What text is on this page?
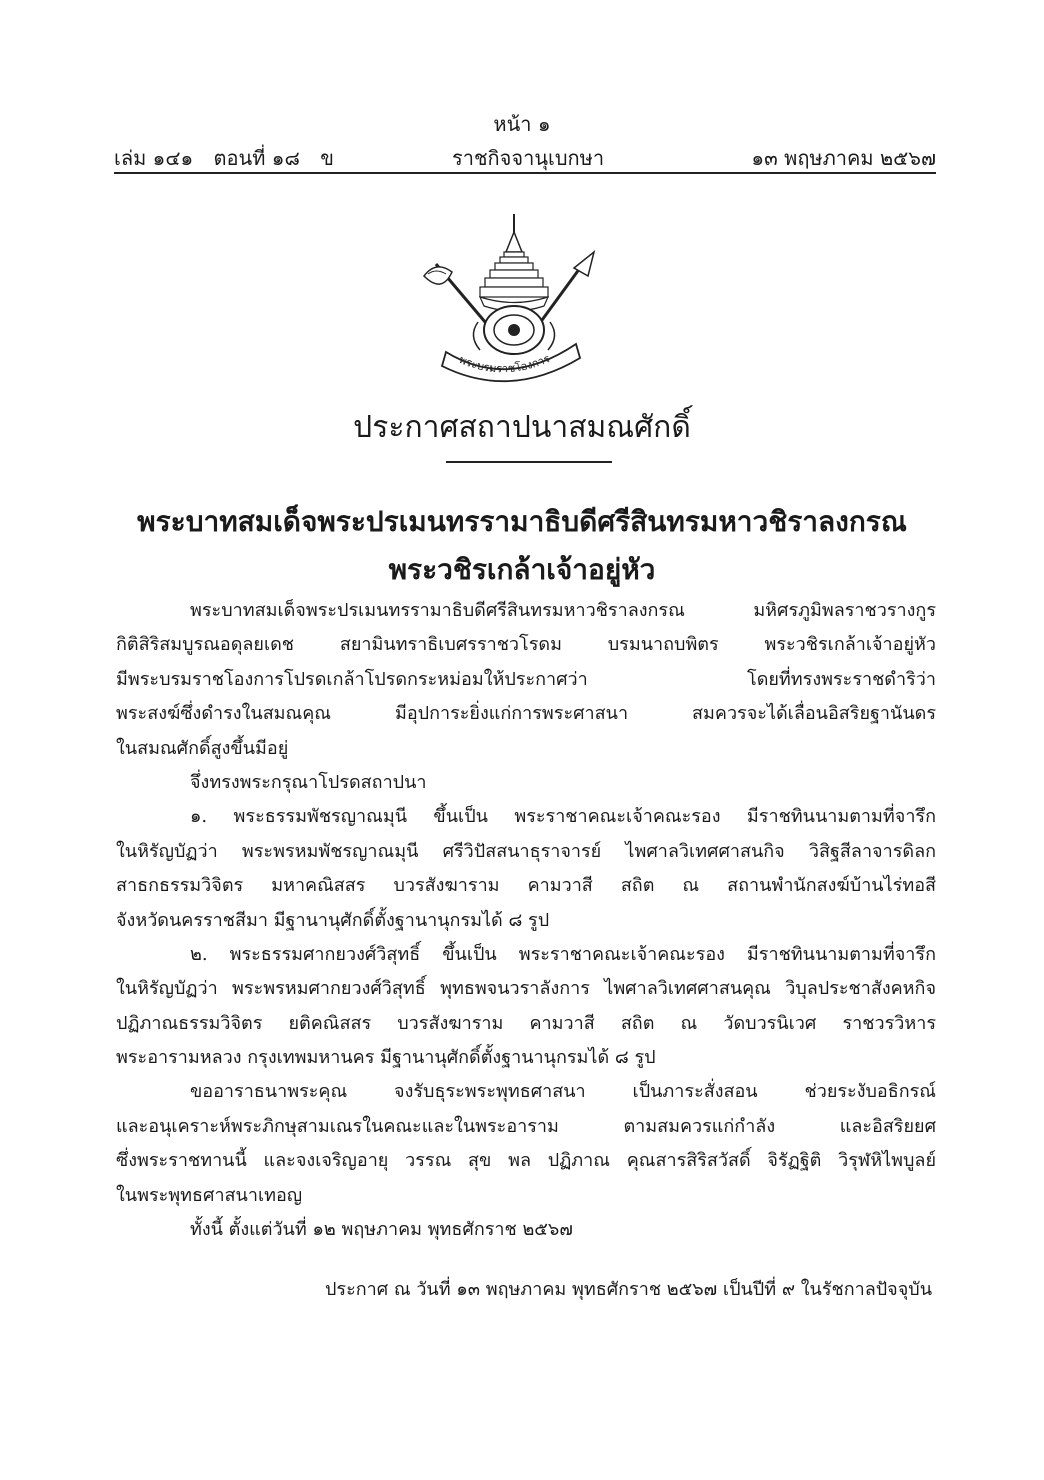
หน้า ๑
เล่ม ๑๔๑ ตอนที่ ๑๘ ข	ราชกิจจานุเบกษา	๑๓ พฤษภาคม ๒๕๖๗
พระบรมราชโองการ
ประกาศสถาปนาสมณศักดิ์
พระบาทสมเด็จพระปรเมนทรรามาธิบดีศรีสินทรมหาวชิราลงกรณ
พระวชิรเกล้าเจ้าอยู่หัว
พระบาทสมเด็จพระปรเมนทรรามาธิบดีศรีสินทรมหาวชิราลงกรณ มหิศรภูมิพลราชวรางกูร
กิติสิริสมบูรณอดุลยเดช สยามินทราธิเบศรราชวโรดม บรมนาถบพิตร พระวชิรเกล้าเจ้าอยู่หัว
มีพระบรมราชโองการโปรดเกล้าโปรดกระหม่อมให้ประกาศว่า โดยที่ทรงพระราชดำริว่า
พระสงฆ์ซึ่งดำรงในสมณคุณ มีอุปการะยิ่งแก่การพระศาสนา สมควรจะได้เลื่อนอิสริยฐานันดร
ในสมณศักดิ์สูงขึ้นมีอยู่
จึ่งทรงพระกรุณาโปรดสถาปนา
๑. พระธรรมพัชรญาณมุนี ขึ้นเป็น พระราชาคณะเจ้าคณะรอง มีราชทินนามตามที่จารึก
ในหิรัญบัฏว่า พระพรหมพัชรญาณมุนี ศรีวิปัสสนาธุราจารย์ ไพศาลวิเทศศาสนกิจ วิสิฐสีลาจารดิลก
สาธกธรรมวิจิตร มหาคณิสสร บวรสังฆาราม คามวาสี สถิต ณ สถานพำนักสงฆ์บ้านไร่ทอสี
จังหวัดนครราชสีมา มีฐานานุศักดิ์ตั้งฐานานุกรมได้ ๘ รูป
๒. พระธรรมศากยวงศ์วิสุทธิ์ ขึ้นเป็น พระราชาคณะเจ้าคณะรอง มีราชทินนามตามที่จารึก
ในหิรัญบัฏว่า พระพรหมศากยวงศ์วิสุทธิ์ พุทธพจนวราลังการ ไพศาลวิเทศศาสนคุณ วิบุลประชาสังคหกิจ
ปฏิภาณธรรมวิจิตร ยติคณิสสร บวรสังฆาราม คามวาสี สถิต ณ วัดบวรนิเวศ ราชวรวิหาร
พระอารามหลวง กรุงเทพมหานคร มีฐานานุศักดิ์ตั้งฐานานุกรมได้ ๘ รูป
ขออาราธนาพระคุณ จงรับธุระพระพุทธศาสนา เป็นภาระสั่งสอน ช่วยระงับอธิกรณ์
และอนุเคราะห์พระภิกษุสามเณรในคณะและในพระอาราม ตามสมควรแก่กำลัง และอิสริยยศ
ซึ่งพระราชทานนี้ และจงเจริญอายุ วรรณ สุข พล ปฏิภาณ คุณสารสิริสวัสดิ์ จิรัฏฐิติ วิรุฬหิไพบูลย์
ในพระพุทธศาสนาเทอญ
ทั้งนี้ ตั้งแต่วันที่ ๑๒ พฤษภาคม พุทธศักราช ๒๕๖๗
ประกาศ ณ วันที่ ๑๓ พฤษภาคม พุทธศักราช ๒๕๖๗ เป็นปีที่ ๙ ในรัชกาลปัจจุบัน
